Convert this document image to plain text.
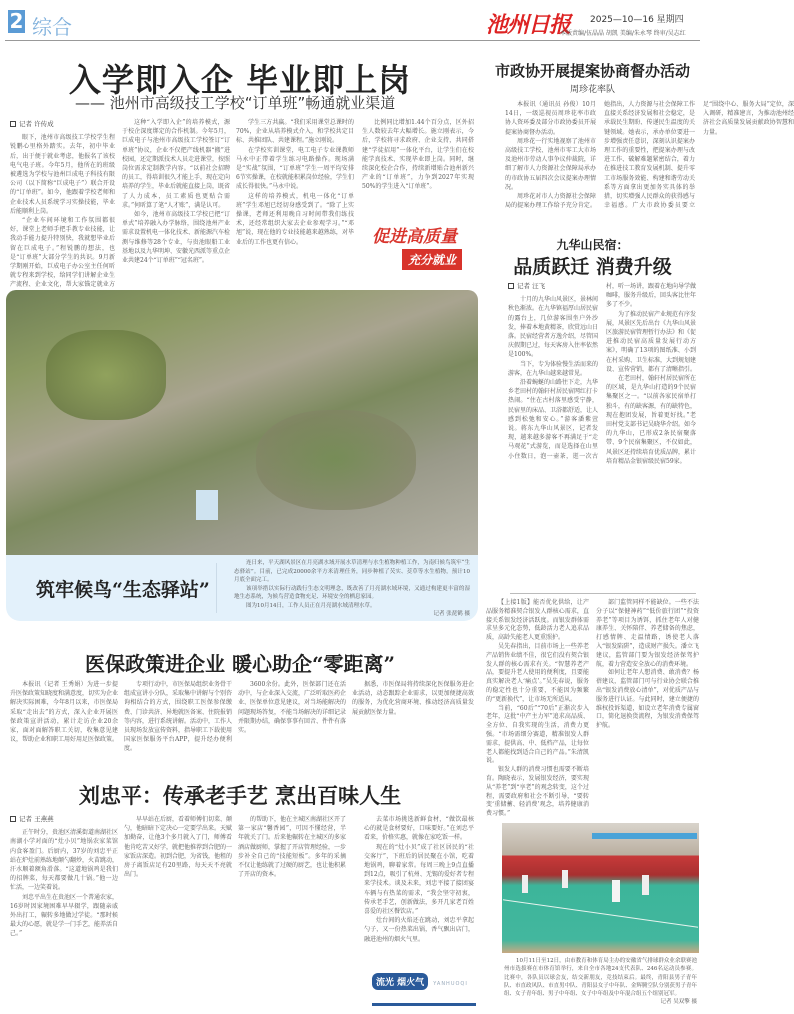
2 综合	池州日报 2025—10—16 星期四
本版责编/伍晶晶 胡凯 美编/朱永琴 终审/吴志红
入学即入企 毕业即上岗
—— 池州市高级技工学校“订单班”畅通就业渠道
记者 许传成

眼下，池州市高级技工学校学生程锐鹏心里格外踏实。去年，初中毕业后，出于便于就业考虑，他报名了该校电气电子班。今年5月，他所在的班级被遴选为学校与池州巨成电子科技有限公司（以下简称“巨成电子”）联合开设的“订单班”。如今，他跟着学校老师和企业技术人员系统学习实操技能，毕业后能顺利上岗。

“企业车间环境和工作氛围都很好，课堂上老师手把手教专业技能，让我动手能力提升特别快，我就想毕业后留在巨成电子。”程锐鹏的想法，也是“订单班”大部分学生的共识。9月新学期刚开始，巨成电子办公室主任何昕就专程来到学校，给同学们讲解企业生产流程、企业文化，帮大家锚定就业方

这种“入学即入企”的培养模式，源于校企深度绑定的合作机制。今年5月，巨成电子与池州市高级技工学校签订“订单班”协议，企业不仅把产线机器“搬”进校园，还定期派技术人员走进课堂，按照岗位需求定制教学内容。“以前社会招聘的员工，得培训很久才能上手，现在定向培养的学生，毕业后就能直接上岗，既省了人力成本，员工素质也更贴合需求。”何昕算了笔“人才账”，满是认可。

如今，池州市高级技工学校已把“订单式”培养融入办学脉络，围绕池州产业需求设置机电一体化技术、新能源汽车检测与维修等28个专业，与贵池眼船工业基地以及九华明坤、安徽光西派等重点企业共建24个“订单班”“冠名班”。

学生三方共赢。“我们采用课堂总课时的70%，企业从培养模式介入，和学校共定目标、共推团队、共建课程。”施立刚说。

在学校实训课堂，电工电子专业课教师马永中正带着学生练习电路操作。现场满是“实战”氛围，“订单班”学生一周平均安排6节实操课，在校就能积累岗位经验，学生们成长得很快。”马永中说。

这样的培养模式，机电一体化“订单班”学生邓旭已经切身感受到了。“除了上实操课，老师还利用晚自习时间带我们练技术，还经常组织大家去企业参观学习。”“邓旭”说，现在他的专业技能越来越熟练，对毕业后的工作也更有信心。

比例同比增加1.44个百分点，区外招生人数较去年大幅增长。施立刚表示，今后，学校将寻求政府、企业支持，共同搭建“学徒招用”一体化平台，让学生们在校能学真技术、实现毕业即上岗。同时，继续深化校企合作，持续新增贴合池州新兴产业的“订单班”，力争到2027年实现50%的学生进入“订单班”。

促进高质量
充分就业
筑牢候鸟“生态驿站”

连日来，平天湖风景区在月亮湖水域开展水草清理与水生植物种植工作，为南归候鸟筑牢“生态驿站”。目前，已完成20000余平方米清理任务，同步种植了芡实、茭草等水生植物，预计10月底全面完工。

该项举措以实际行动践行生态文明理念，既改善了月亮湖水域环境，又通过构建更丰富的湿地生态系统，为候鸟营造食物充足、环境安全的栖息家园。

图为10月14日，工作人员正在月亮湖水域清理水草。

记者 张琵鹤 摄
医保政策进企业 暖心助企“零距离”

本报讯（记者 王秀娟）为进一步提升医保政策知晓度和满意度，切实为企业解决实际困难，今年8月以来，市医保局采取“走出去”的方式，深入企业开展医保政策宣讲活动，累计走访企业20余家，面对面解答职工关切，收集意见建议，帮助企业和职工用好用足医保政策。

专项行动中，市医保局组织业务骨干组成宣讲小分队，采取集中讲解与个别咨询相结合的方式，围绕职工医保参保缴费、门诊共济、异地就医备案、住院报销等内容，进行系统讲解。活动中，工作人员现场发放宣传资料，指导职工下载使用国家医保服务平台APP，提升经办便利度。

3600余份。此外，医保部门还在活动中，与企业深入交流，广泛听取医药企业、医保单位意见建议，对当场能解决的问题现场答复，不能当场解决的详细记录并限期办结，确保事事有回音、件件有落实。

据悉，市医保局将持续深化医保服务进企业活动，动态跟踪企业需求，以更加便捷高效的服务，为优化营商环境、推动经济高质量发展贡献医保力量。

刘忠平：传承老手艺 烹出百味人生
记者 王燕燕

正午时分，贵池区清溪街道南湖社区南湖小学对面的“灶小贝”地锅农家菜馆内食客盈门。后厨内，37岁的刘忠平正站在炉灶前熟练地颠勺翻炒，火苗跳动，汗水顺着额角滑落。“这道地锅鸡是我们的招牌菜，每天都要做几十锅。”他一边忙活，一边笑着说。

刘忠平出生在贵池区一个普通农家，16岁时因家境困难早早辍学，跟随亲戚外出打工，辗转多地做过学徒。“那时候最大的心愿，就是学一门手艺，能养活自己。”

早早站在后厨，看着师傅们切菜、颠勺，他暗暗下定决心一定要学出来。天赋加勤奋，让他3个多月就入了门，师傅看他肯吃苦又好学，就把他推荐到合肥的一家饭店深造。初到合肥，为省钱，他租的房子离饭店足有20里路，每天天不亮就出门。

的帮助下，他在主城区南湖社区开了第一家店“馨香园”，可因不懂经营，半年就关了门。后来他辗转在主城区的多家酒店做厨师，掌握了开店管理经验，一步步补全自己的“技能短板”。多年的采摘不仅让他练就了过硬的厨艺，也让他积累了开店的资本。

去菜市场挑选新鲜食材，“做饮最核心的就是食材要好，口味要好。”在刘忠平看来，价格实惠，就像在家吃饭一样。

现在的“灶小贝”成了社区居民的“社交客厅”，下班后的居民聚在小馆，吃着地锅鸡，聊着家常。每周三晚上9点直播到12点，吸引了杭州、无锡的爱好者专程来学技术。谈及未来，刘忠平接了接团宴车辆与有热菜的需求，“我会坚守初衷，传承老手艺，创新做法，多开几家老百姓喜爱的社区餐饮店。”

灶台间的火焰还在跳动，刘忠平拿起勺子，又一份热菜出锅，香气飘出店门，融进池州的烟火气里。

流光 烟火气 YANHUOQI
市政协开展提案协商督办活动
周珍花率队

本报讯（通讯员 孙俊）10月14日，一级巡视员周珍花率市政协人资环委及部分市政协委员开展提案协商督办活动。

周珍花一行实地视察了池州市高级技工学校、池州市零工大市场及池州市劳动人事争议仲裁院，详细了解市人力资源社会保障局承办的市政协五届四次会议提案办理情况。

周珍花对市人力资源社会保障局的提案办理工作给予充分肯定。她指出，人力资源与社会保障工作直接关系经济发展和社会稳定，是承载民生期盼、传递民生温度的关键领域。她表示，承办单位要进一步增强责任意识，深刻认识提案办理工作的重要性，把提案办理与改进工作、破解难题紧密结合，着力在推进技工教育发展机制、提升零工市场服务效能、构建和谐劳动关系等方面拿出更加务实具体的举措，切实增强人民群众的获得感与幸福感。广大市政协委员要立足“围绕中心、服务大局”定位，深入调研，精准建言，为推动池州经济社会高质量发展贡献政协智慧和力量。

九华山民宿：
品质跃迁 消费升级
记者 汪飞

十月的九华山风景区，景林间秋色渐浓。在九华镇福厚山居民宿的露台上，几位游客围坐户外沙发，捧着本地黄精茶，欣赏远山日落。民宿经营者方逸介绍，尽管国庆假期已过，每天客房入住率依然是100%。

当下，专为体验慢生活而来的游客，在九华山越来越常见。

沿着蜿蜒的山路往下走，九华乡老田村的翰轩村居民宿网红打卡热闹。“住在古村落里感受宁静，民宿里的床品、卫浴都舒适，让人感到松弛和安心。”游客潘紫萱说。蒋东九华山风景区，记者发现，越来越多游客不再满足于“走马观花”式游览，而是选择在山里小住数日，泡一壶茶，逛一次古村，听一场讲，跟着在地向导学做咖啡，服务升级后，回头客比往年多了不少。

为了推动民宿产业规范有序发展，风景区先后出台《九华山风景区旅游民宿管理暂行办法》和《促进推动民宿高质量发展行动方案》，明确了13项的图纸准、小到在村采购、卫生标准，大到规划建设、宣传营销，都有了清晰指引。

在老田村，翰轩村居民宿所在的区域，是九华山打造的9个民宿集聚区之一。“以前各家民宿单打独斗，有的缺客源，有的缺特色，现在抱团发展，旨着更好找。”老田村党支部书记吴晓华介绍。如今的九华山，已形成2条民宿聚落带、9个民宿集聚区，不仅如此，风景区还持续培育优质品牌，累计培育精品金银宿级民宿59家。

【上接1版】能否优化供给，让产品服务精准契合银发人群核心需求，直接关系银发经济活跃度。而银发群体需求呈多元化态势，低龄活力老人追求品质，高龄失能老人更重照护。

吴先春指出，目前市场上一些养老产品销售业绩不佳，很它们没有契合银发人群的核心需求有关。“智慧养老产品，要提升老人使用的便利度，且要能真实解决老人‘痛点’。”吴先春说，服务的稳定性也十分重要，不能因为频繁的“更新换代”，让市场无所适从。

当前，“60后”“70后”正渐次步入老年，这批“中产主力军”追求高品质、全方位、自我实现的生活，消费力更强。“市场需细分赛道，精准银发人群需求，提供高、中、低档产品，让每位老人都能找到适合自己的产品。”朱清凯说。

银发人群的消费习惯也需要不断培育。陶晓表示，发展银发经济，要实现从“养老”到“享老”的观念转变，这个过程，需要政府和社会不断引导，“要转变‘重储蓄、轻消费’观念，培养健康消费习惯。”

部门监管同样不能缺位。一些不法分子以“保健神药”“低价旅行团”“投资养老”等项目为诱饵，抓住老年人对健康养生、关怀陪伴、养老储备的焦虑，打感情牌、走温情路，诱使老人落入“银发陷阱”，造成财产损失。潘立飞建议，监管部门要为银发经济保驾护航，着力营造安全放心的消费环境。

如何让老年人想消费、敢消费？杨蓓建议，监管部门可与行业协会联合推出“银发消费放心清单”，对优质产品与服务进行认证。与此同时，建立便捷的维权投诉渠道，如设立老年消费专属窗口，简化退换货流程，为银发消费保驾护航。

10月11日至12日，由市教育和体育局主办的安徽省气排球群众业余联赛池州市选拔赛在市体育馆举行，来自全市各地24支代表队、246名运动员参赛。比赛中，各队员以球会友，结交新朋友，竞技结束后。最终，青阳县男子青年队、市直政风队、市直男中队、青阳县女子中年队、金辉腾空队分别获男子青年组、女子青年组、男子中年组、女子中年组及中年混合组五个组别冠军。

记者 吴双擎 摄
